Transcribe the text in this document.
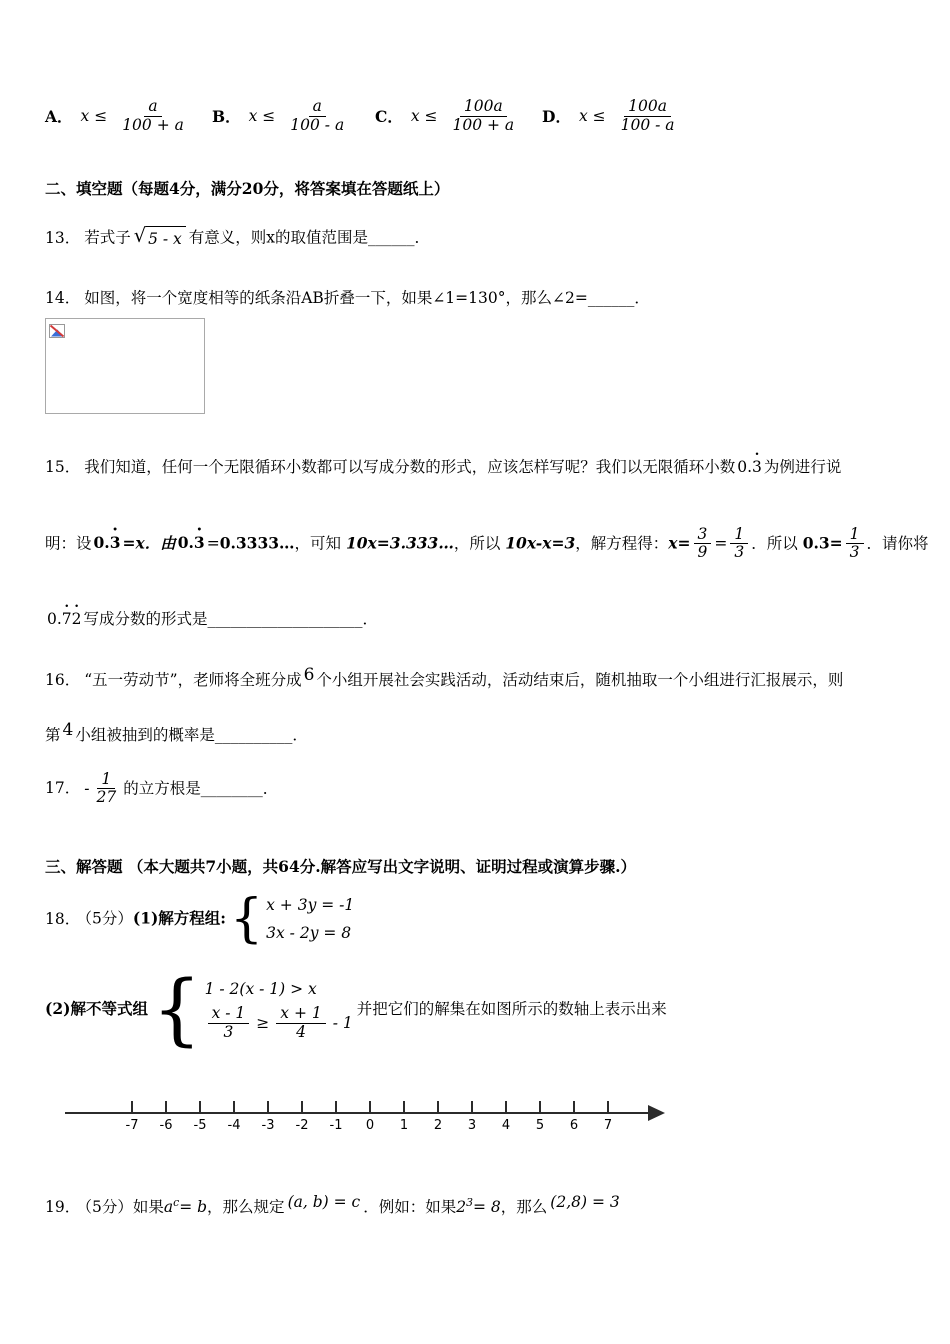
A． $x \le \frac{a}{100 + a}$ B． $x \le \frac{a}{100 - a}$ C． $x \le \frac{100a}{100 + a}$ D． $x \le \frac{100a}{100 - a}$
二、填空题（每题4分，满分20分，将答案填在答题纸上）
13． 若式子 √ 5 - x 有意义，则x的取值范围是______．
14． 如图，将一个宽度相等的纸条沿AB折叠一下，如果∠1=130°，那么∠2=______．
15． 我们知道，任何一个无限循环小数都可以写成分数的形式，应该怎样写呢？我们以无限循环小数 0.3 • 为例进行说
明：设 0.3 • =x．由 0.3 • =0.3333…，可知 10x=3.333…，所以 10x-x=3，解方程得：$x= \frac{3}{9} = \frac{1}{3}$ ．所以 $0.3= \frac{1}{3}$ ．请你将
0.7 •2 • 写成分数的形式是____________________．
16． “五一劳动节”，老师将全班分成 6 个小组开展社会实践活动，活动结束后，随机抽取一个小组进行汇报展示，则
第 4 小组被抽到的概率是__________．
17． - $\frac{1}{27}$ 的立方根是________．
三、解答题 （本大题共7小题，共64分.解答应写出文字说明、证明过程或演算步骤.）
18． （5分）(1)解方程组: { x + 3y = -1
3x - 2y = 8
(2)解不等式组 { 1 - 2(x - 1) > x
$\frac{x - 1}{3} \ge \frac{x + 1}{4} - 1$
并把它们的解集在如图所示的数轴上表示出来
-7 -6 -5 -4 -3 -2 -1 0 1 2 3 4 5 6 7
19． （5分）如果$a^c= b$，那么规定 (a, b) = c ．例如：如果$2^3= 8$，那么 (2,8) = 3
